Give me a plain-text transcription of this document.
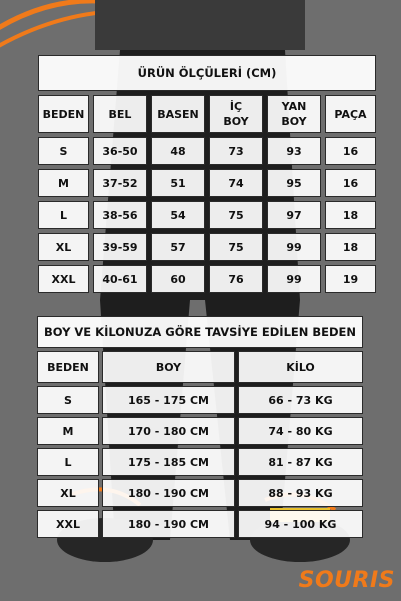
ÜRÜN ÖLÇÜLERİ (CM)					
BEDEN	BEL	BASEN	İÇ BOY	YAN BOY	PAÇA
S	36-50	48	73	93	16
M	37-52	51	74	95	16
L	38-56	54	75	97	18
XL	39-59	57	75	99	18
XXL	40-61	60	76	99	19
BOY VE KİLONUZA GÖRE TAVSİYE EDİLEN BEDEN		
BEDEN	BOY	KİLO
S	165 - 175 CM	66 - 73 KG
M	170 - 180 CM	74 - 80 KG
L	175 - 185 CM	81 - 87 KG
XL	180 - 190 CM	88 - 93 KG
XXL	180 - 190 CM	94 - 100 KG
SOURIS
